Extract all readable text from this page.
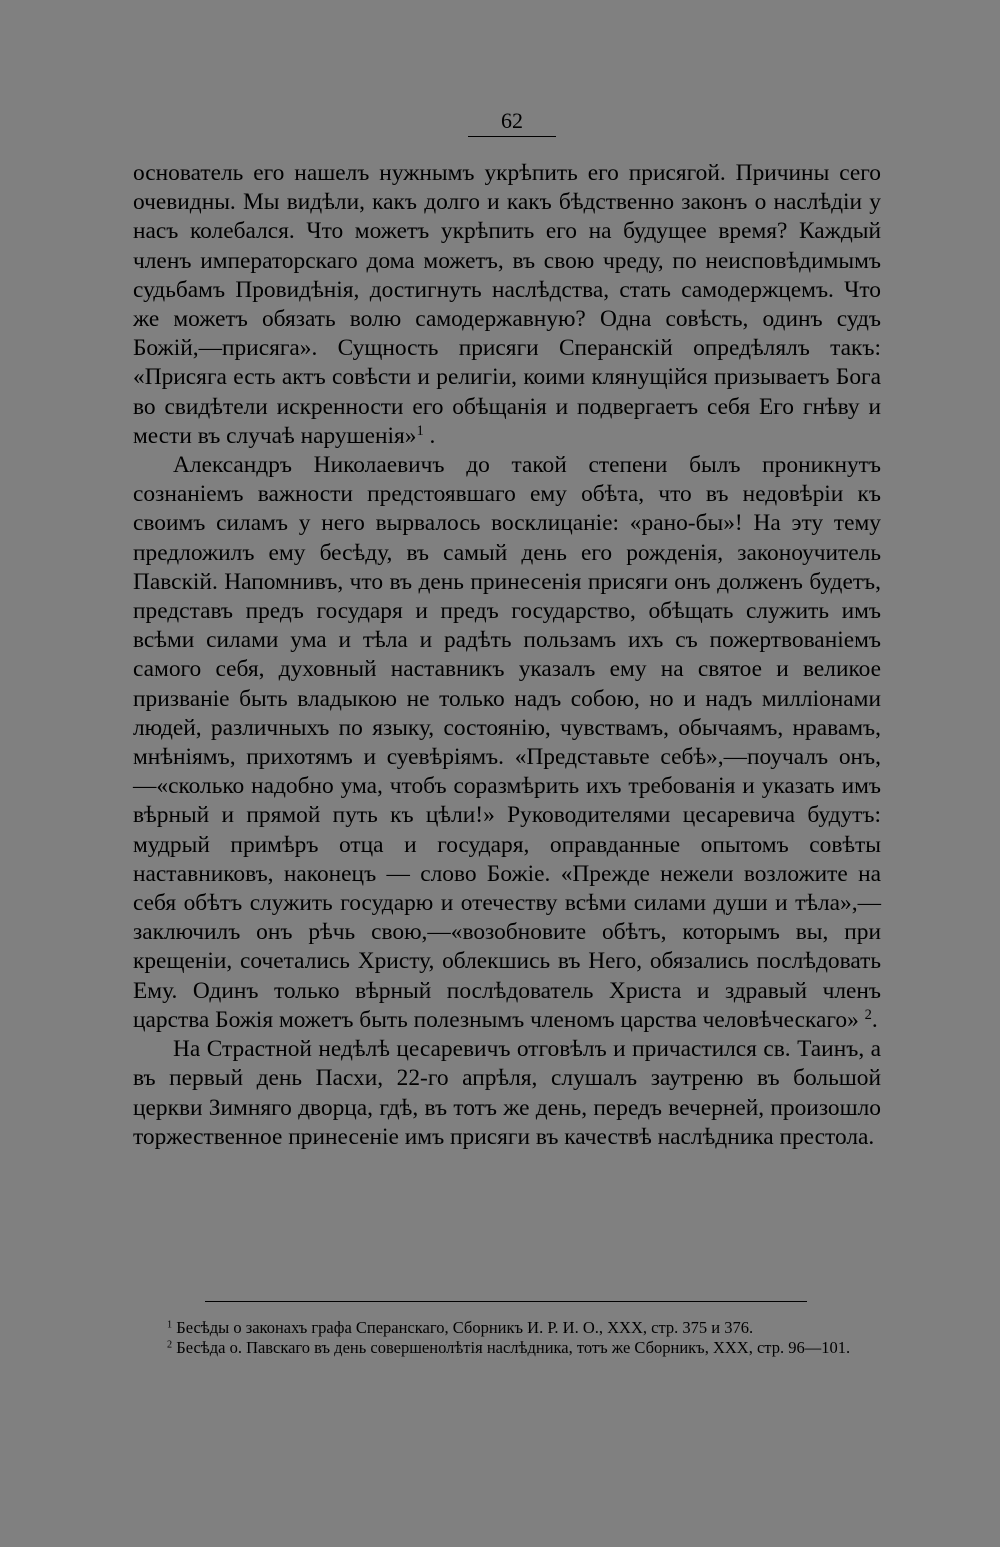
62

основатель его нашелъ нужнымъ укрѣпить его присягой. Причины сего очевидны. Мы видѣли, какъ долго и какъ бѣдственно законъ о наслѣдіи у насъ колебался. Что можетъ укрѣпить его на будущее время? Каждый членъ императорскаго дома можетъ, въ свою чреду, по неисповѣдимымъ судьбамъ Провидѣнія, достигнуть наслѣдства, стать самодержцемъ. Что же можетъ обязать волю самодержавную? Одна совѣсть, одинъ судъ Божій,—присяга». Сущность присяги Сперанскій опредѣлялъ такъ: «Присяга есть актъ совѣсти и религіи, коими клянущійся призываетъ Бога во свидѣтели искренности его обѣщанія и подвергаетъ себя Его гнѣву и мести въ случаѣ нарушенія»$^1$ .

Александръ Николаевичъ до такой степени былъ проникнутъ сознаніемъ важности предстоявшаго ему обѣта, что въ недовѣріи къ своимъ силамъ у него вырвалось восклицаніе: «рано-бы»! На эту тему предложилъ ему бесѣду, въ самый день его рожденія, законоучитель Павскій. Напомнивъ, что въ день принесенія присяги онъ долженъ будетъ, представъ предъ государя и предъ государство, обѣщать служить имъ всѣми силами ума и тѣла и радѣть пользамъ ихъ съ пожертвованіемъ самого себя, духовный наставникъ указалъ ему на святое и великое призваніе быть владыкою не только надъ собою, но и надъ милліонами людей, различныхъ по языку, состоянію, чувствамъ, обычаямъ, нравамъ, мнѣніямъ, прихотямъ и суевѣріямъ. «Представьте себѣ»,—поучалъ онъ,—«сколько надобно ума, чтобъ соразмѣрить ихъ требованія и указать имъ вѣрный и прямой путь къ цѣли!» Руководителями цесаревича будутъ: мудрый примѣръ отца и государя, оправданные опытомъ совѣты наставниковъ, наконецъ — слово Божіе. «Прежде нежели возложите на себя обѣтъ служить государю и отечеству всѣми силами души и тѣла»,—заключилъ онъ рѣчь свою,—«возобновите обѣтъ, которымъ вы, при крещеніи, сочетались Христу, облекшись въ Него, обязались послѣдовать Ему. Одинъ только вѣрный послѣдователь Христа и здравый членъ царства Божія можетъ быть полезнымъ членомъ царства человѣческаго» $^2$.

На Страстной недѣлѣ цесаревичъ отговѣлъ и причастился св. Таинъ, а въ первый день Пасхи, 22-го апрѣля, слушалъ заутреню въ большой церкви Зимняго дворца, гдѣ, въ тотъ же день, передъ вечерней, произошло торжественное принесеніе имъ присяги въ качествѣ наслѣдника престола.

$^1$ Бесѣды о законахъ графа Сперанскаго, Сборникъ И. Р. И. О., XXX, стр. 375 и 376.

$^2$ Бесѣда о. Павскаго въ день совершенолѣтія наслѣдника, тотъ же Сборникъ, XXX, стр. 96—101.
